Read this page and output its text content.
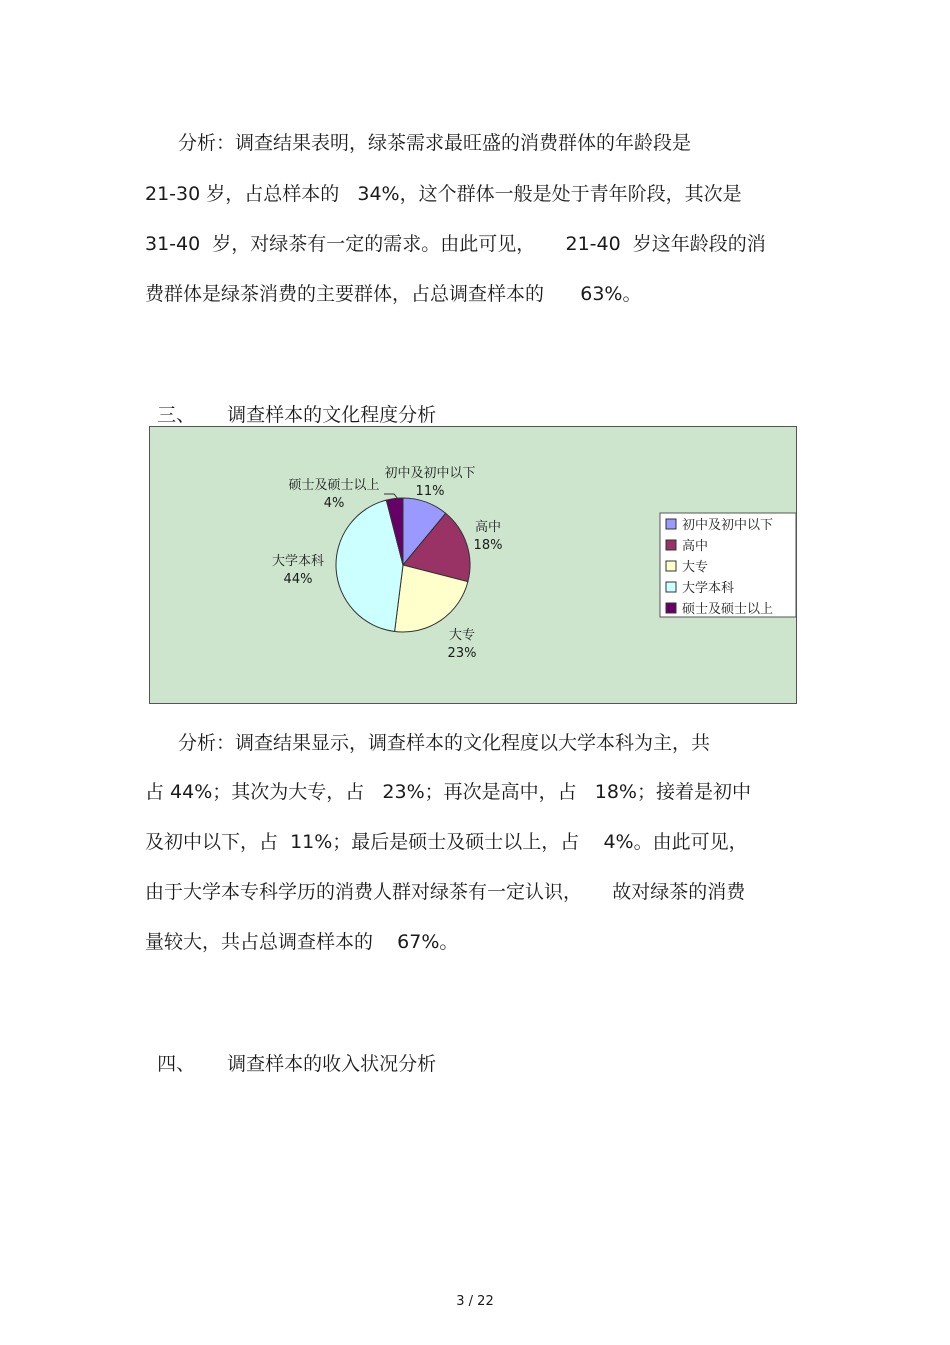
分析：调查结果表明，绿茶需求最旺盛的消费群体的年龄段是
21-30 岁，占总样本的   34%，这个群体一般是处于青年阶段，其次是
31-40  岁，对绿茶有一定的需求。由此可见，     21-40  岁这年龄段的消
费群体是绿茶消费的主要群体，占总调查样本的      63%。

三、 调查样本的文化程度分析

初中及初中以下
11%
高中
18%
大专
23%
大学本科
44%
硕士及硕士以上
4%
初中及初中以下
高中
大专
大学本科
硕士及硕士以上
分析：调查结果显示，调查样本的文化程度以大学本科为主，共
占 44%；其次为大专，占   23%；再次是高中，占   18%；接着是初中
及初中以下，占  11%；最后是硕士及硕士以上，占    4%。由此可见，
由于大学本专科学历的消费人群对绿茶有一定认识，     故对绿茶的消费
量较大，共占总调查样本的    67%。

四、 调查样本的收入状况分析

3 / 22
